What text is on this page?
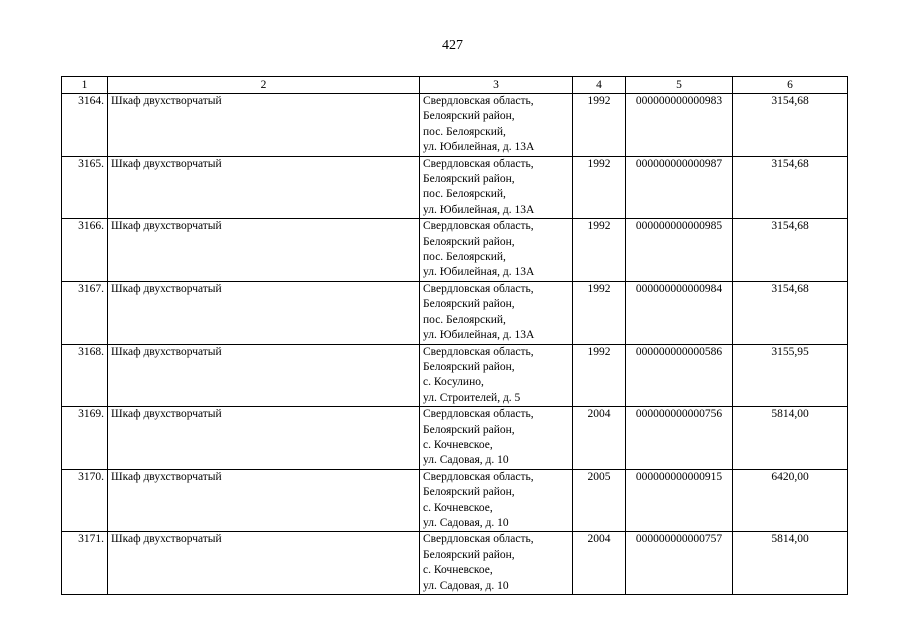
427
1	2	3	4	5	6
3164.	Шкаф двухстворчатый	Свердловская область,
Белоярский район,
пос. Белоярский,
ул. Юбилейная, д. 13А	1992	000000000000983	3154,68
3165.	Шкаф двухстворчатый	Свердловская область,
Белоярский район,
пос. Белоярский,
ул. Юбилейная, д. 13А	1992	000000000000987	3154,68
3166.	Шкаф двухстворчатый	Свердловская область,
Белоярский район,
пос. Белоярский,
ул. Юбилейная, д. 13А	1992	000000000000985	3154,68
3167.	Шкаф двухстворчатый	Свердловская область,
Белоярский район,
пос. Белоярский,
ул. Юбилейная, д. 13А	1992	000000000000984	3154,68
3168.	Шкаф двухстворчатый	Свердловская область,
Белоярский район,
с. Косулино,
ул. Строителей, д. 5	1992	000000000000586	3155,95
3169.	Шкаф двухстворчатый	Свердловская область,
Белоярский район,
с. Кочневское,
ул. Садовая, д. 10	2004	000000000000756	5814,00
3170.	Шкаф двухстворчатый	Свердловская область,
Белоярский район,
с. Кочневское,
ул. Садовая, д. 10	2005	000000000000915	6420,00
3171.	Шкаф двухстворчатый	Свердловская область,
Белоярский район,
с. Кочневское,
ул. Садовая, д. 10	2004	000000000000757	5814,00
